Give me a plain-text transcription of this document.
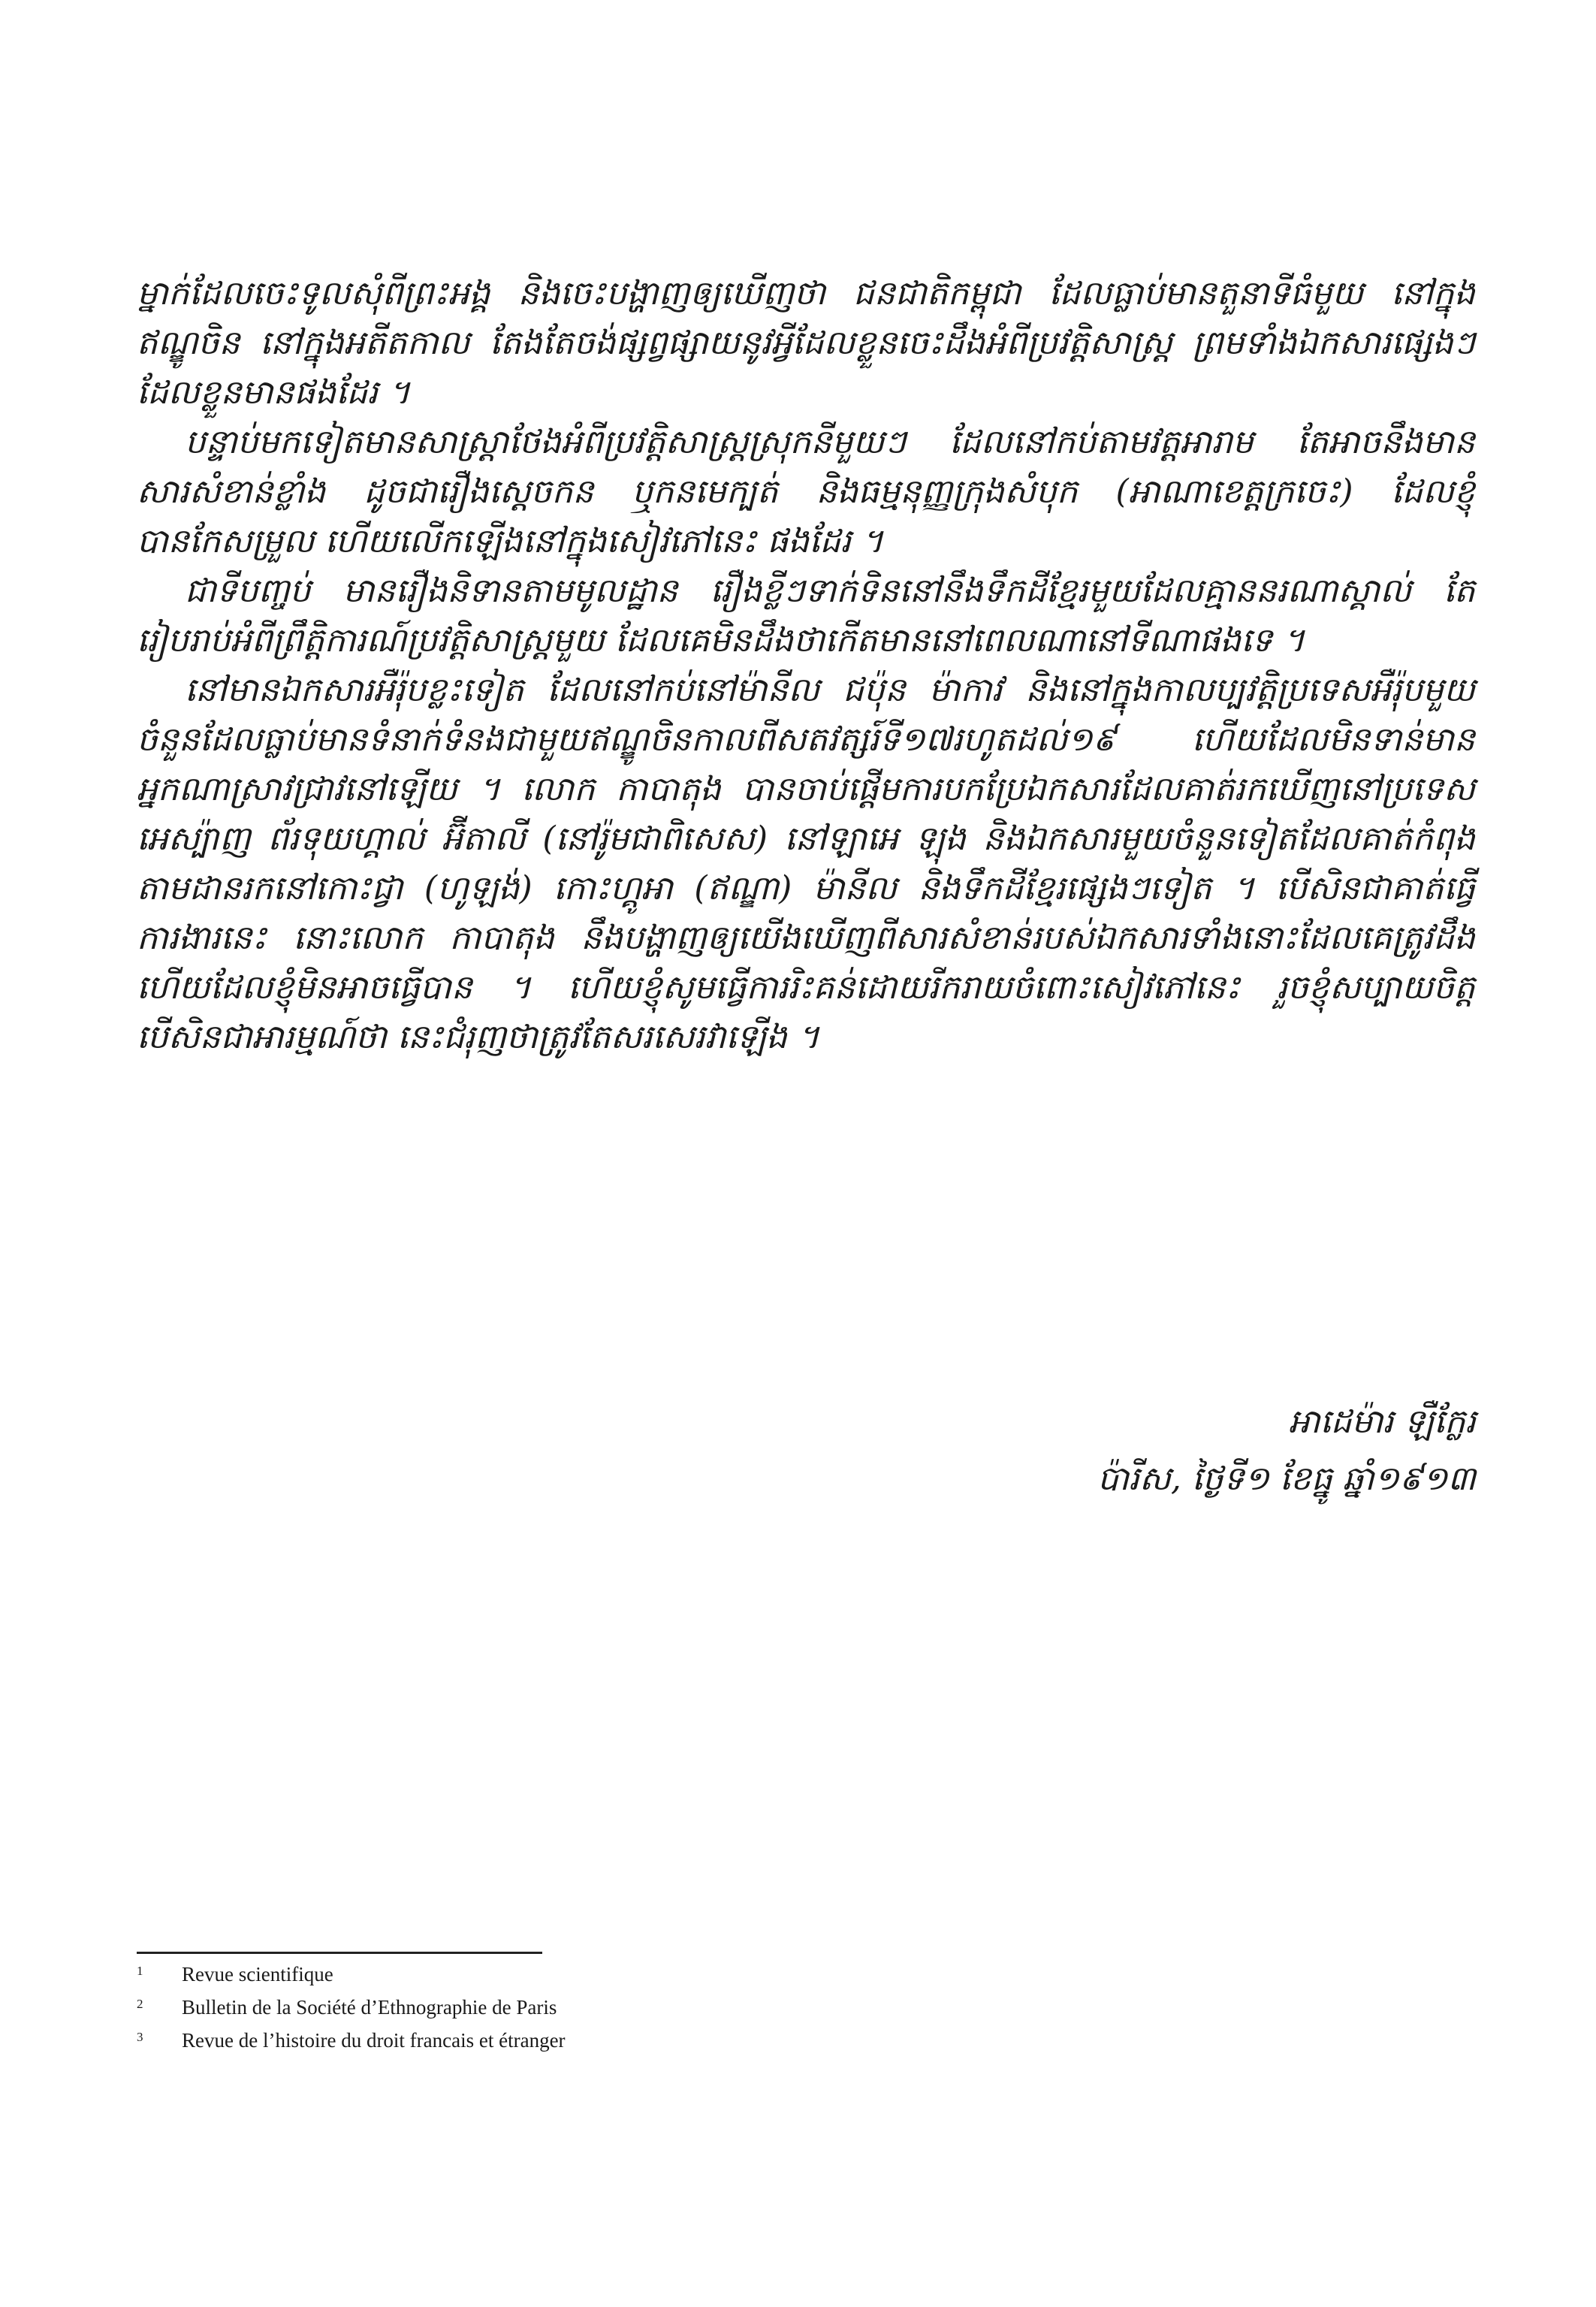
ម្នាក់ដែលចេះទូលសុំពីព្រះអង្គ និងចេះបង្ហាញឲ្យឃើញថា ជនជាតិកម្ពុជា ដែលធ្លាប់មានតួនាទីធំមួយ នៅក្នុងឥណ្ឌូចិន នៅក្នុងអតីតកាល តែងតែចង់ផ្សព្វផ្សាយនូវអ្វីដែលខ្លួនចេះដឹងអំពីប្រវត្តិសាស្ត្រ ព្រមទាំងឯកសារផ្សេងៗដែលខ្លួនមានផងដែរ ។

បន្ទាប់មកទៀតមានសាស្ត្រាថែងអំពីប្រវត្តិសាស្ត្រស្រុកនីមួយៗ ដែលនៅកប់តាមវត្តអារាម តែអាចនឹងមានសារសំខាន់ខ្លាំង ដូចជារឿងស្ដេចកន ឬកនមេក្បត់ និងធម្មនុញ្ញក្រុងសំបុក (អាណាខេត្តក្រចេះ) ដែលខ្ញុំបានកែសម្រួល ហើយលើកឡើងនៅក្នុងសៀវភៅនេះ ផងដែរ ។

ជាទីបញ្ចប់ មានរឿងនិទានតាមមូលដ្ឋាន រឿងខ្លីៗទាក់ទិននៅនឹងទឹកដីខ្មែរមួយដែលគ្មាននរណាស្គាល់ តែរៀបរាប់អំពីព្រឹត្តិការណ៍ប្រវត្តិសាស្ត្រមួយ ដែលគេមិនដឹងថាកើតមាននៅពេលណានៅទីណាផងទេ ។

នៅមានឯកសារអឺរ៉ុបខ្លះទៀត ដែលនៅកប់នៅម៉ានីល ជប៉ុន ម៉ាកាវ និងនៅក្នុងកាលប្បវត្តិប្រទេសអឺរ៉ុបមួយចំនួនដែលធ្លាប់មានទំនាក់ទំនងជាមួយឥណ្ឌូចិនកាលពីសតវត្សរ៍ទី១៧រហូតដល់១៩ ហើយដែលមិនទាន់មានអ្នកណាស្រាវជ្រាវនៅឡើយ ។ លោក កាបាតុង បានចាប់ផ្ដើមការបកប្រែឯកសារដែលគាត់រកឃើញនៅប្រទេសអេស្ប៉ាញ ព័រទុយហ្គាល់ អ៊ីតាលី (នៅរ៉ូមជាពិសេស) នៅឡាអេ ឡុង និងឯកសារមួយចំនួនទៀតដែលគាត់កំពុងតាមដានរកនៅកោះជ្វា (ហូឡង់) កោះហ្គូអា (ឥណ្ឌា) ម៉ានីល និងទឹកដីខ្មែរផ្សេងៗទៀត ។ បើសិនជាគាត់ធ្វើការងារនេះ នោះលោក កាបាតុង នឹងបង្ហាញឲ្យយើងឃើញពីសារសំខាន់របស់ឯកសារទាំងនោះដែលគេត្រូវដឹង ហើយដែលខ្ញុំមិនអាចធ្វើបាន ។ ហើយខ្ញុំសូមធ្វើការរិះគន់ដោយរីករាយចំពោះសៀវភៅនេះ រួចខ្ញុំសប្បាយចិត្តបើសិនជាអារម្មណ៍ថា នេះជំរុញថាត្រូវតែសរសេរវាឡើង ។

អាដេម៉ារ ឡឺក្លែរ
ប៉ារីស, ថ្ងៃទី១ ខែធ្នូ ឆ្នាំ១៩១៣
1	Revue scientifique
2	Bulletin de la Société d’Ethnographie de Paris
3	Revue de l’histoire du droit francais et étranger
